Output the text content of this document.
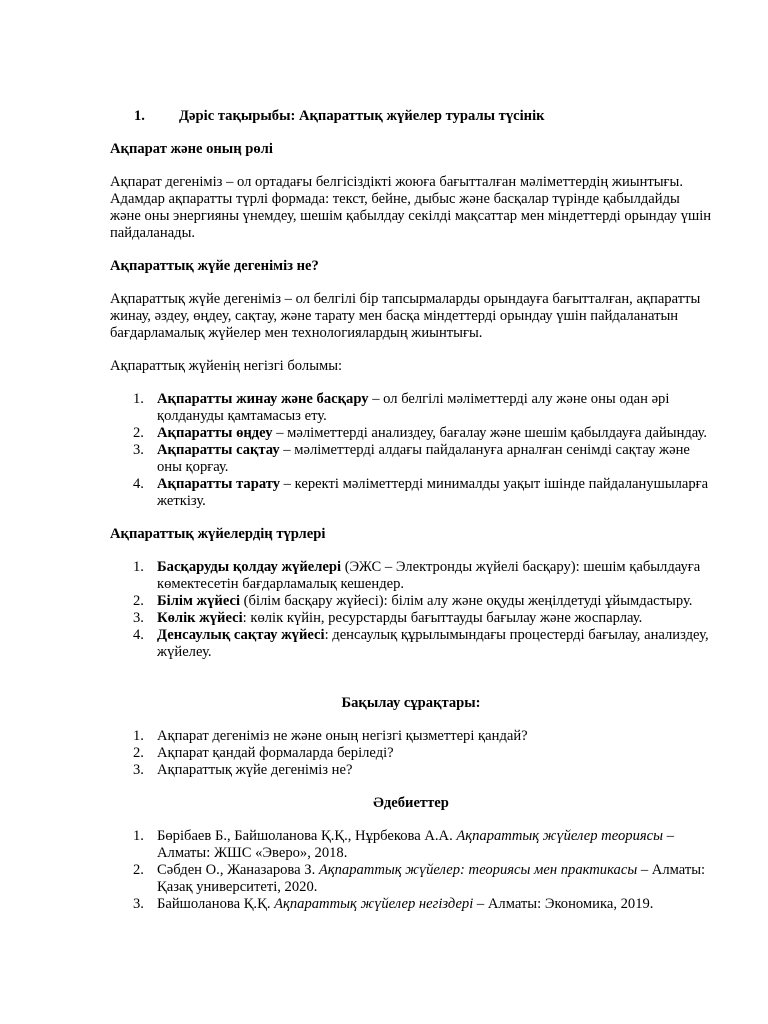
1.	Дәріс тақырыбы: Ақпараттық жүйелер туралы түсінік

Ақпарат және оның рөлі

Ақпарат дегеніміз – ол ортадағы белгісіздікті жоюға бағытталған мәліметтердің жиынтығы. Адамдар ақпаратты түрлі формада: текст, бейне, дыбыс және басқалар түрінде қабылдайды және оны энергияны үнемдеу, шешім қабылдау секілді мақсаттар мен міндеттерді орындау үшін пайдаланады.

Ақпараттық жүйе дегеніміз не?

Ақпараттық жүйе дегеніміз – ол белгілі бір тапсырмаларды орындауға бағытталған, ақпаратты жинау, әздеу, өңдеу, сақтау, және тарату мен басқа міндеттерді орындау үшін пайдаланатын бағдарламалық жүйелер мен технологиялардың жиынтығы.

Ақпараттық жүйенің негізгі болымы:

1. Ақпаратты жинау және басқару – ол белгілі мәліметтерді алу және оны одан әрі қолдануды қамтамасыз ету.
2. Ақпаратты өңдеу – мәліметтерді анализдеу, бағалау және шешім қабылдауға дайындау.
3. Ақпаратты сақтау – мәліметтерді алдағы пайдалануға арналған сенімді сақтау және оны қорғау.
4. Ақпаратты тарату – керекті мәліметтерді минималды уақыт ішінде пайдаланушыларға жеткізу.

Ақпараттық жүйелердің түрлері

1. Басқаруды қолдау жүйелері (ЭЖС – Электронды жүйелі басқару): шешім қабылдауға көмектесетін бағдарламалық кешендер.
2. Білім жүйесі (білім басқару жүйесі): білім алу және оқуды жеңілдетуді ұйымдастыру.
3. Көлік жүйесі: көлік күйін, ресурстарды бағыттауды бағылау және жоспарлау.
4. Денсаулық сақтау жүйесі: денсаулық құрылымындағы процестерді бағылау, анализдеу, жүйелеу.

Бақылау сұрақтары:

1. Ақпарат дегеніміз не және оның негізгі қызметтері қандай?
2. Ақпарат қандай формаларда беріледі?
3. Ақпараттық жүйе дегеніміз не?

Әдебиеттер

1. Бөрібаев Б., Байшоланова Қ.Қ., Нұрбекова А.А. Ақпараттық жүйелер теориясы – Алматы: ЖШС «Эверо», 2018.
2. Сәбден О., Жаназарова З. Ақпараттық жүйелер: теориясы мен практикасы – Алматы: Қазақ университеті, 2020.
3. Байшоланова Қ.Қ. Ақпараттық жүйелер негіздері – Алматы: Экономика, 2019.
